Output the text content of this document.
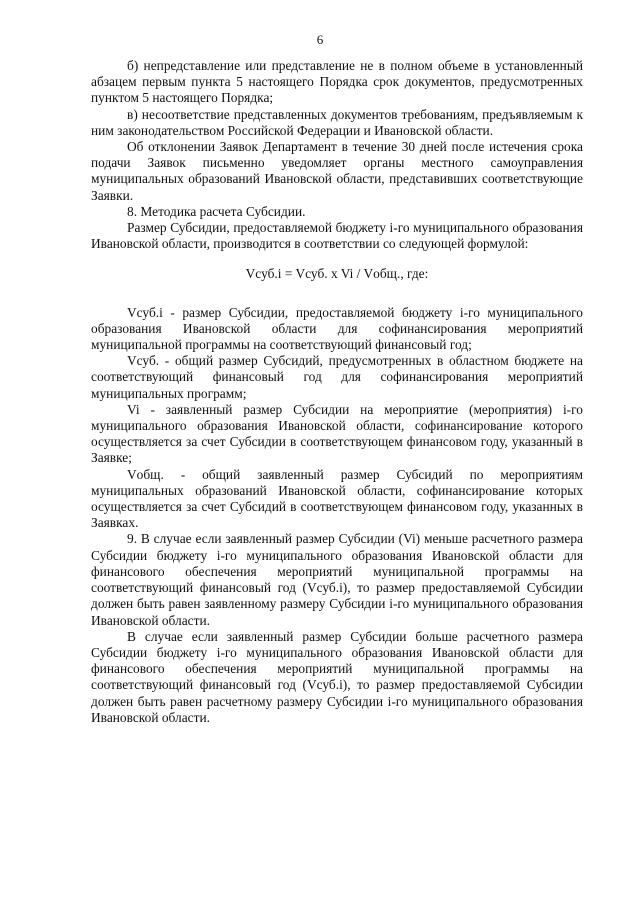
6

б) непредставление или представление не в полном объеме в установленный абзацем первым пункта 5 настоящего Порядка срок документов, предусмотренных пунктом 5 настоящего Порядка;

в) несоответствие представленных документов требованиям, предъявляемым к ним законодательством Российской Федерации и Ивановской области.

Об отклонении Заявок Департамент в течение 30 дней после истечения срока подачи Заявок письменно уведомляет органы местного самоуправления муниципальных образований Ивановской области, представивших соответствующие Заявки.

8. Методика расчета Субсидии.

Размер Субсидии, предоставляемой бюджету i-го муниципального образования Ивановской области, производится в соответствии со следующей формулой:

Vсуб.i = Vсуб. x Vi / Vобщ., где:

Vсуб.i - размер Субсидии, предоставляемой бюджету i-го муниципального образования Ивановской области для софинансирования мероприятий муниципальной программы на соответствующий финансовый год;

Vсуб. - общий размер Субсидий, предусмотренных в областном бюджете на соответствующий финансовый год для софинансирования мероприятий муниципальных программ;

Vi - заявленный размер Субсидии на мероприятие (мероприятия) i-го муниципального образования Ивановской области, софинансирование которого осуществляется за счет Субсидии в соответствующем финансовом году, указанный в Заявке;

Vобщ. - общий заявленный размер Субсидий по мероприятиям муниципальных образований Ивановской области, софинансирование которых осуществляется за счет Субсидий в соответствующем финансовом году, указанных в Заявках.

9. В случае если заявленный размер Субсидии (Vi) меньше расчетного размера Субсидии бюджету i-го муниципального образования Ивановской области для финансового обеспечения мероприятий муниципальной программы на соответствующий финансовый год (Vсуб.i), то размер предоставляемой Субсидии должен быть равен заявленному размеру Субсидии i-го муниципального образования Ивановской области.

В случае если заявленный размер Субсидии больше расчетного размера Субсидии бюджету i-го муниципального образования Ивановской области для финансового обеспечения мероприятий муниципальной программы на соответствующий финансовый год (Vсуб.i), то размер предоставляемой Субсидии должен быть равен расчетному размеру Субсидии i-го муниципального образования Ивановской области.
